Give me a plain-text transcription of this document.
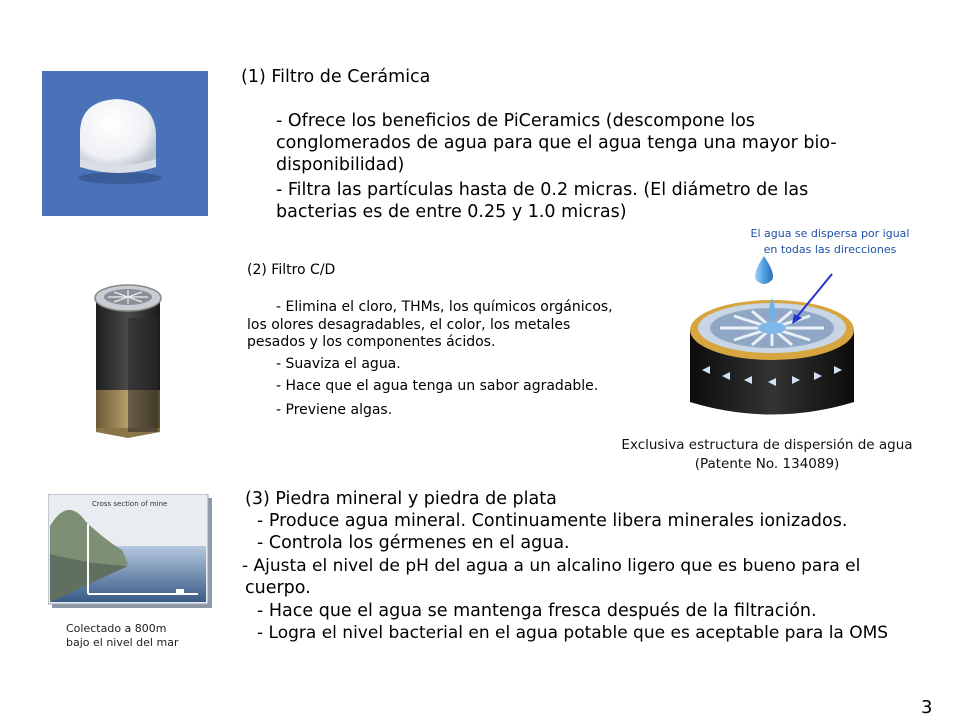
(1) Filtro de Cerámica
- Ofrece los beneficios de PiCeramics (descompone los
conglomerados de agua para que el agua tenga una mayor bio-
disponibilidad)
- Filtra las partículas hasta de 0.2 micras. (El diámetro de las
bacterias es de entre 0.25 y 1.0 micras)
(2) Filtro C/D
- Elimina el cloro, THMs, los químicos orgánicos,
los olores desagradables, el color, los metales
pesados y los componentes ácidos.
- Suaviza el agua.
- Hace que el agua tenga un sabor agradable.
- Previene algas.
El agua se dispersa por igual
en todas las direcciones
Exclusiva estructura de dispersión de agua
(Patente No. 134089)
Cross section of mine
Colectado a 800m
bajo el nivel del mar
(3) Piedra mineral y piedra de plata
- Produce agua mineral. Continuamente libera minerales ionizados.
- Controla los gérmenes en el agua.
- Ajusta el nivel de pH del agua a un alcalino ligero que es bueno para el
cuerpo.
- Hace que el agua se mantenga fresca después de la filtración.
- Logra el nivel bacterial en el agua potable que es aceptable para la OMS
3
